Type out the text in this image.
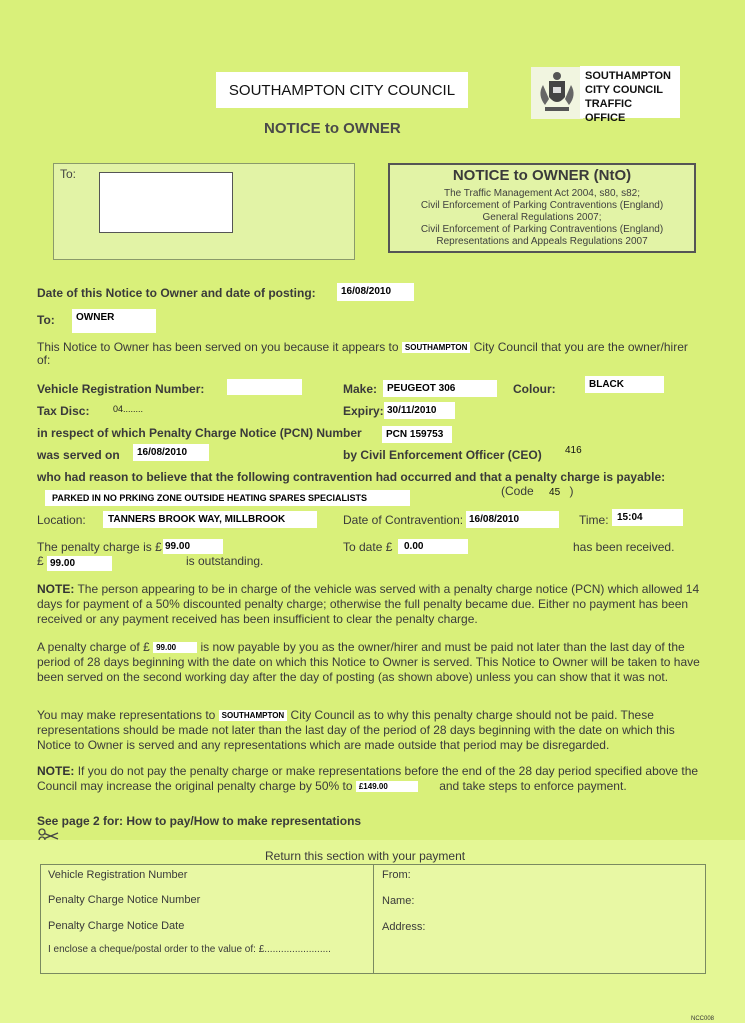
SOUTHAMPTON CITY COUNCIL
NOTICE to OWNER
SOUTHAMPTON
CITY COUNCIL
TRAFFIC OFFICE
To:	NOTICE to OWNER (NtO)
The Traffic Management Act 2004, s80, s82;
Civil Enforcement of Parking Contraventions (England)
General Regulations 2007;
Civil Enforcement of Parking Contraventions (England)
Representations and Appeals Regulations 2007
Date of this Notice to Owner and date of posting:	16/08/2010
To:	OWNER
This Notice to Owner has been served on you because it appears to SOUTHAMPTON City Council that you are the owner/hirer
of:
Vehicle Registration Number:	Make: PEUGEOT 306	Colour:	BLACK
Tax Disc:	04........	Expiry: 30/11/2010
in respect of which Penalty Charge Notice (PCN) Number	PCN 159753
was served on	16/08/2010	by Civil Enforcement Officer (CEO) 416
who had reason to believe that the following contravention had occurred and that a penalty charge is payable:
PARKED IN NO PRKING ZONE OUTSIDE HEATING SPARES SPECIALISTS	(Code 45 )
Location:	TANNERS BROOK WAY, MILLBROOK	Date of Contravention: 16/08/2010	Time: 15:04
The penalty charge is £ 99.00	To date £	0.00	has been received.
£ 99.00	is outstanding.
NOTE: The person appearing to be in charge of the vehicle was served with a penalty charge notice (PCN) which allowed 14 days for payment of a 50% discounted penalty charge; otherwise the full penalty became due. Either no payment has been received or any payment received has been insufficient to clear the penalty charge.
A penalty charge of £ 99.00 is now payable by you as the owner/hirer and must be paid not later than the last day of the period of 28 days beginning with the date on which this Notice to Owner is served. This Notice to Owner will be taken to have been served on the second working day after the day of posting (as shown above) unless you can show that it was not.
You may make representations to SOUTHAMPTON City Council as to why this penalty charge should not be paid. These representations should be made not later than the last day of the period of 28 days beginning with the date on which this Notice to Owner is served and any representations which are made outside that period may be disregarded.
NOTE: If you do not pay the penalty charge or make representations before the end of the 28 day period specified above the Council may increase the original penalty charge by 50% to £149.00	and take steps to enforce payment.
See page 2 for: How to pay/How to make representations
Return this section with your payment
Vehicle Registration Number
Penalty Charge Notice Number
Penalty Charge Notice Date
I enclose a cheque/postal order to the value of: £........................
From:
Name:
Address:
NCC008
